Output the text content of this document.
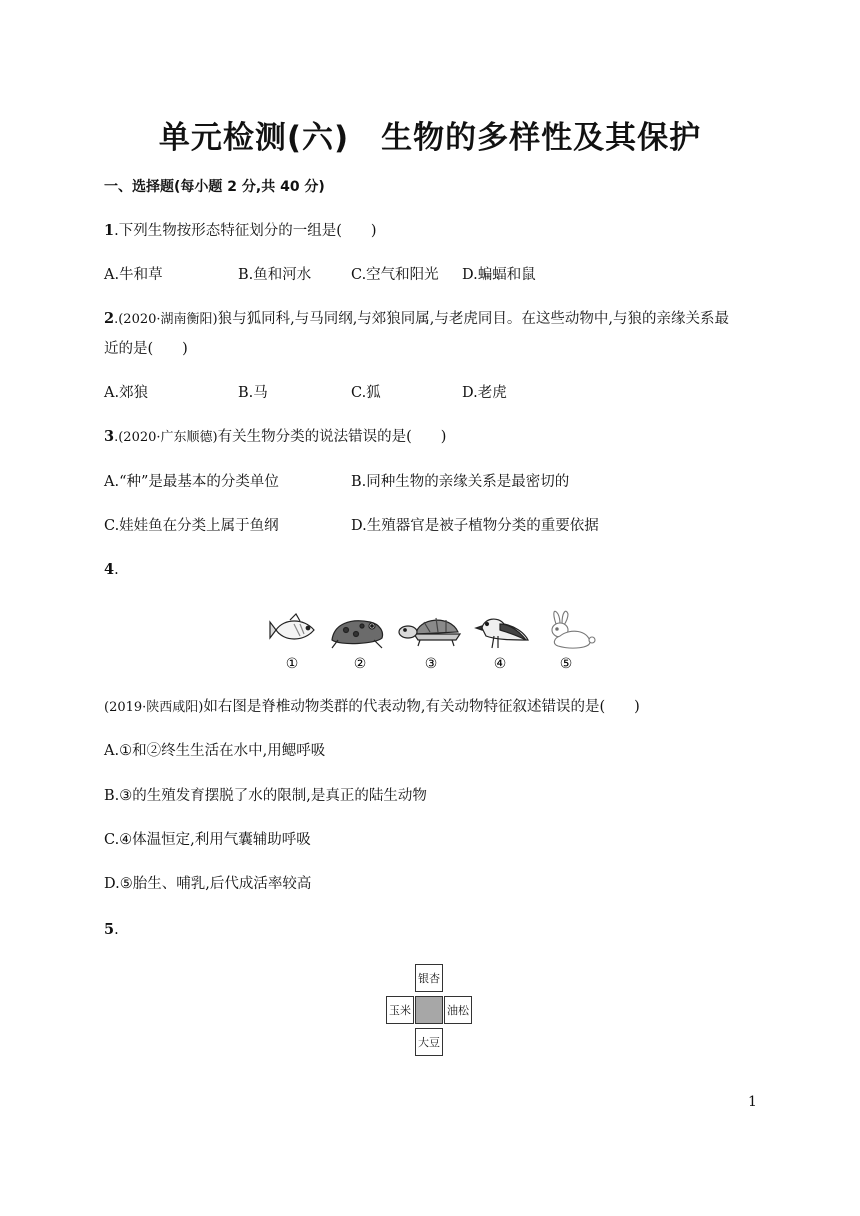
单元检测(六)　生物的多样性及其保护
一、选择题(每小题 2 分,共 40 分)
1.下列生物按形态特征划分的一组是(　　)
A.牛和草	B.鱼和河水	C.空气和阳光 D.蝙蝠和鼠
2.(2020·湖南衡阳)狼与狐同科,与马同纲,与郊狼同属,与老虎同目。在这些动物中,与狼的亲缘关系最
近的是(　　)
A.郊狼	B.马	C.狐	D.老虎
3.(2020·广东顺德)有关生物分类的说法错误的是(　　)
A.“种”是最基本的分类单位	B.同种生物的亲缘关系是最密切的
C.娃娃鱼在分类上属于鱼纲	D.生殖器官是被子植物分类的重要依据
4.
①	②	③	④	⑤
(2019·陕西咸阳)如右图是脊椎动物类群的代表动物,有关动物特征叙述错误的是(　　)
A.①和②终生生活在水中,用鳃呼吸
B.③的生殖发育摆脱了水的限制,是真正的陆生动物
C.④体温恒定,利用气囊辅助呼吸
D.⑤胎生、哺乳,后代成活率较高
5.
银杏
玉米	油松
大豆
1
